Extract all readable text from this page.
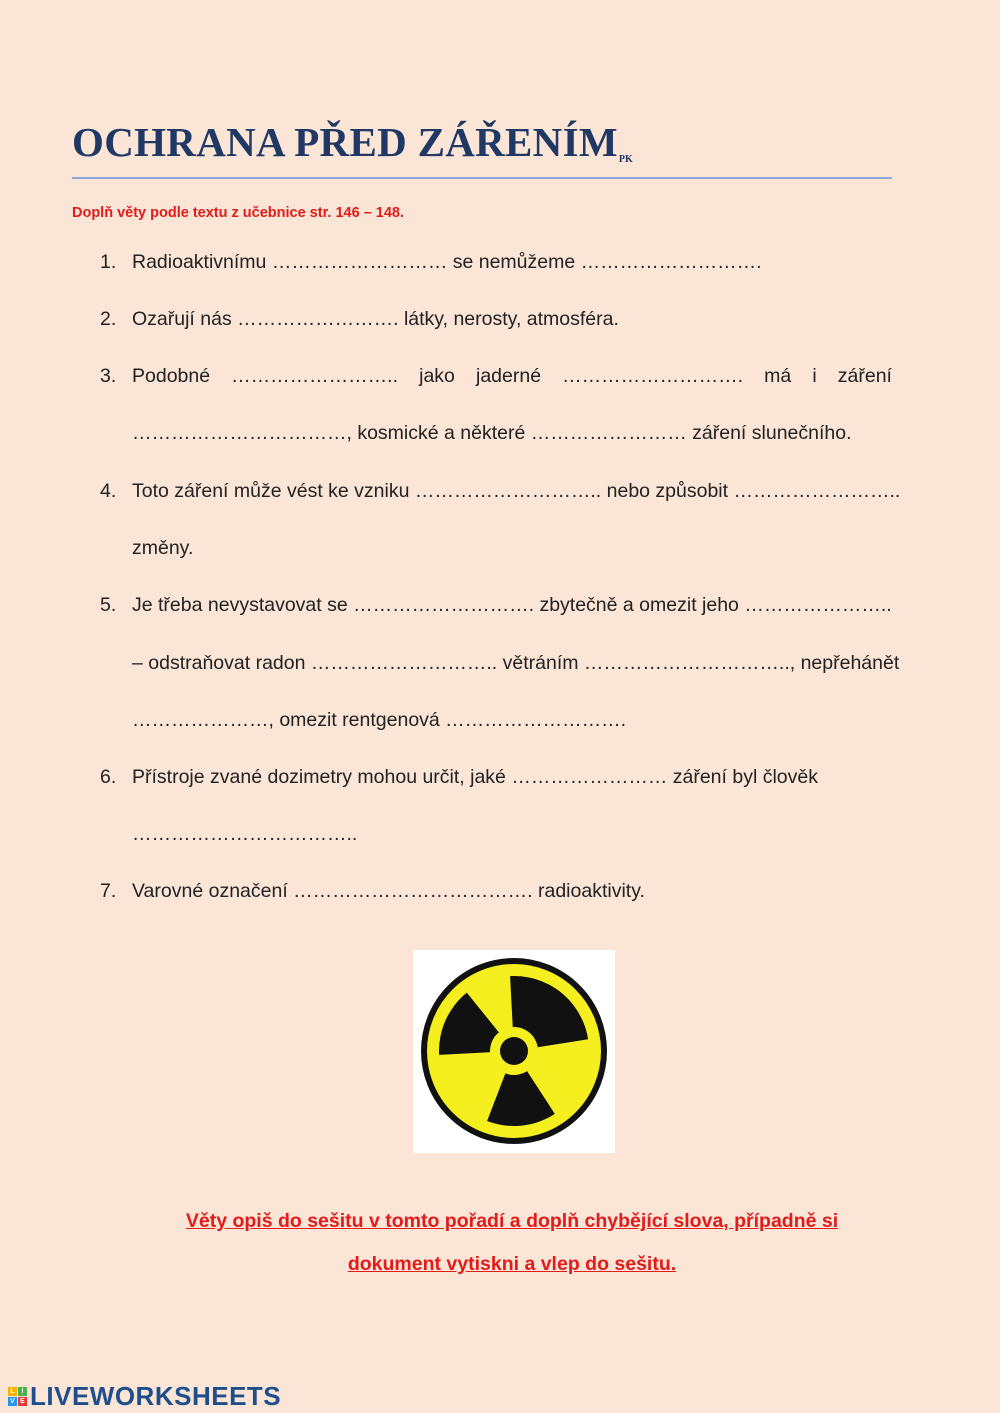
OCHRANA PŘED $ZÁŘENÍM_{PK}$
Doplň věty podle textu z učebnice str. 146 – 148.
1. Radioaktivnímu ……………………… se nemůžeme ……………………….
2. Ozařují nás ……………………. látky, nerosty, atmosféra.
3. Podobné …………………….. jako jaderné ………………………. má i záření
……………………………, kosmické a některé …………………… záření slunečního.
4. Toto záření může vést ke vzniku ……………………….. nebo způsobit ……………………..
změny.
5. Je třeba nevystavovat se ………………………. zbytečně a omezit jeho …………………..
– odstraňovat radon ……………………….. větráním ………………………….., nepřehánět
…………………, omezit rentgenová ……………………….
6. Přístroje zvané dozimetry mohou určit, jaké …………………… záření byl člověk
……………………………..
7. Varovné označení ………………………………. radioaktivity.
Věty opiš do sešitu v tomto pořadí a doplň chybějící slova, případně si
dokument vytiskni a vlep do sešitu.
L I
V E LIVEWORKSHEETS
